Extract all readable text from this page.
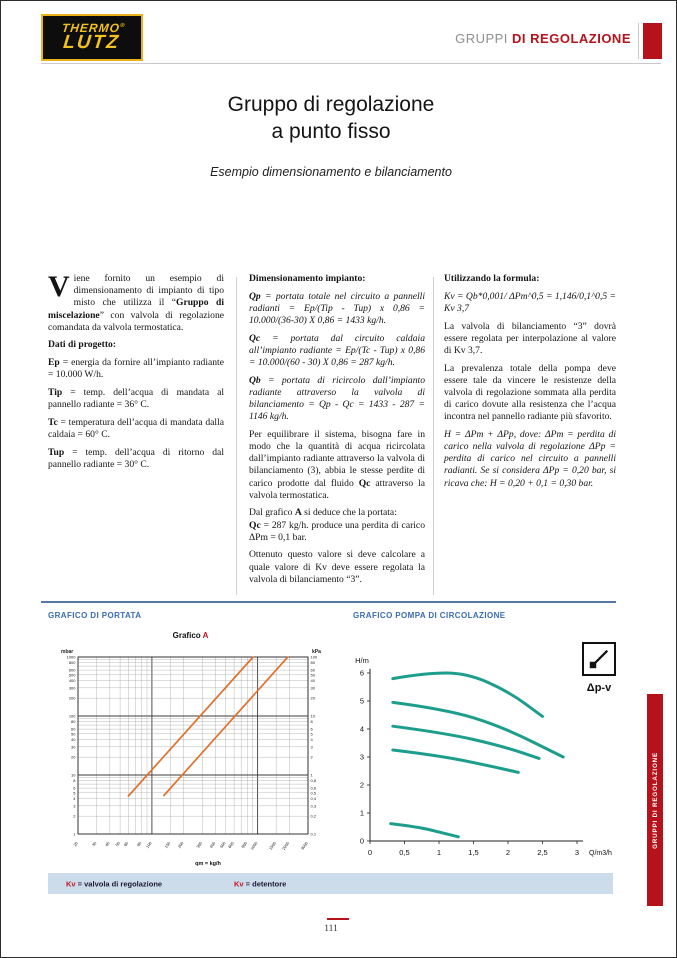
THERMO®
LUTZ	GRUPPI DI REGOLAZIONE
Gruppo di regolazione
a punto fisso
Esempio dimensionamento e bilanciamento

Viene fornito un esempio di dimensionamento di impianto di tipo misto che utilizza il “Gruppo di miscelazione” con valvola di regolazione comandata da valvola termostatica.

Dati di progetto:

Ep = energia da fornire all’impianto radiante = 10.000 W/h.

Tip = temp. dell’acqua di mandata al pannello radiante = 36° C.

Tc = temperatura dell’acqua di mandata dalla caldaia = 60° C.

Tup = temp. dell’acqua di ritorno dal pannello radiante = 30° C.

Dimensionamento impianto:

Qp = portata totale nel circuito a pannelli radianti = Ep/(Tip - Tup) x 0,86 = 10.000/(36-30) X 0,86 = 1433 kg/h.

Qc = portata dal circuito caldaia all’impianto radiante = Ep/(Tc - Tup) x 0,86 = 10.000/(60 - 30) X 0,86 = 287 kg/h.

Qb = portata di ricircolo dall’impianto radiante attraverso la valvola di bilanciamento = Qp - Qc = 1433 - 287 = 1146 kg/h.

Per equilibrare il sistema, bisogna fare in modo che la quantità di acqua ricircolata dall’impianto radiante attraverso la valvola di bilanciamento (3), abbia le stesse perdite di carico prodotte dal fluido Qc attraverso la valvola termostatica.

Dal grafico A si deduce che la portata:
Qc = 287 kg/h. produce una perdita di carico ΔPm = 0,1 bar.

Ottenuto questo valore si deve calcolare a quale valore di Kv deve essere regolata la valvola di bilanciamento “3”.

Utilizzando la formula:

Kv = Qb*0,001/ ΔPm^0,5 = 1,146/0,1^0,5 = Kv 3,7

La valvola di bilanciamento “3” dovrà essere regolata per interpolazione al valore di Kv 3,7.

La prevalenza totale della pompa deve essere tale da vincere le resistenze della valvola di regolazione sommata alla perdita di carico dovute alla resistenza che l’acqua incontra nel pannello radiante più sfavorito.

H = ΔPm + ΔPp, dove: ΔPm = perdita di carico nella valvola di regolazione ΔPp = perdita di carico nel circuito a pannelli radianti. Se si considera ΔPp = 0,20 bar, si ricava che: H = 0,20 + 0,1 = 0,30 bar.

GRAFICO DI PORTATA	GRAFICO POMPA DI CIRCOLAZIONE
Grafico A
1000
800
600
500
400
300
200
100
80
60
50
40
30
20
10
8
6
5
4
3
2
1
100
80
60
50
40
30
20
10
8
6
5
4
3
2
1
0,8
0,6
0,5
0,4
0,3
0,2
0,1
20	30 40 50 60 80 100	150 200	300 400 500 600 800 1000 1500 2000 3000
mbar	kPa
qm = kg/h
0
1
2
3
4
5
6
0	0,5	1	1,5	2	2,5	3
H/m
Q/m3/h
Δp-v
Kv = valvola di regolazione	Kv = detentore
111
GRUPPI DI REGOLAZIONE
